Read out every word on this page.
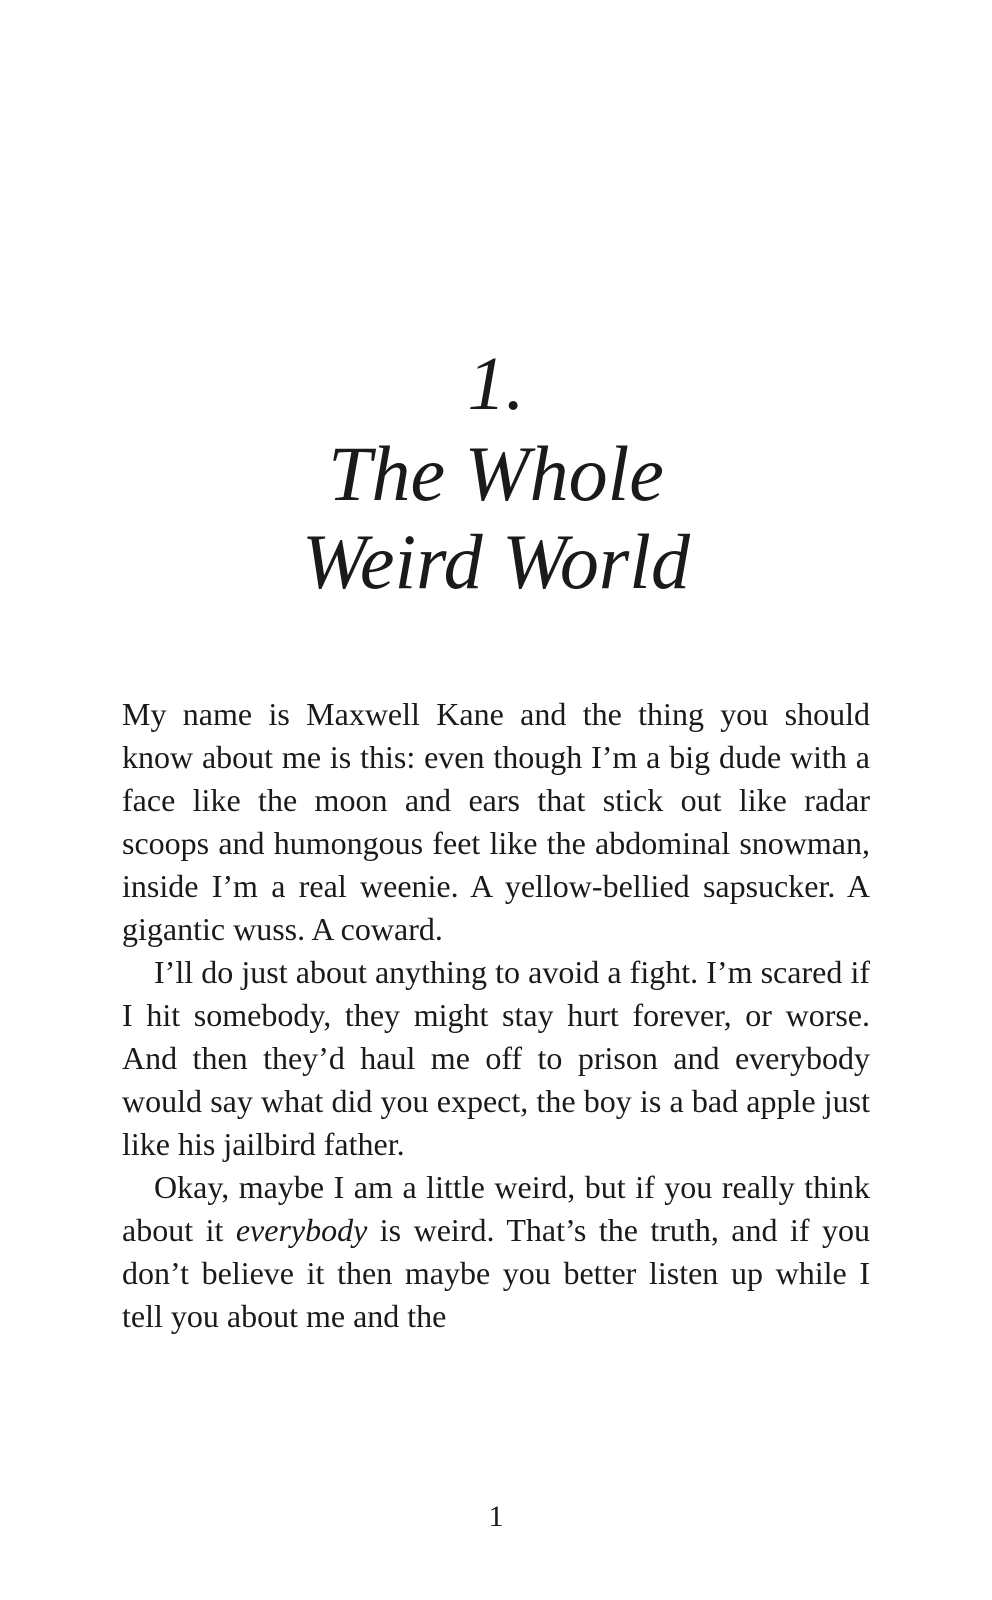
1.
The Whole
Weird World

My name is Maxwell Kane and the thing you should know about me is this: even though I’m a big dude with a face like the moon and ears that stick out like radar scoops and humongous feet like the abdominal snowman, inside I’m a real weenie. A yellow-bellied sapsucker. A gigantic wuss. A coward.

I’ll do just about anything to avoid a fight. I’m scared if I hit somebody, they might stay hurt forever, or worse. And then they’d haul me off to prison and everybody would say what did you expect, the boy is a bad apple just like his jailbird father.

Okay, maybe I am a little weird, but if you really think about it everybody is weird. That’s the truth, and if you don’t believe it then maybe you better listen up while I tell you about me and the

1
